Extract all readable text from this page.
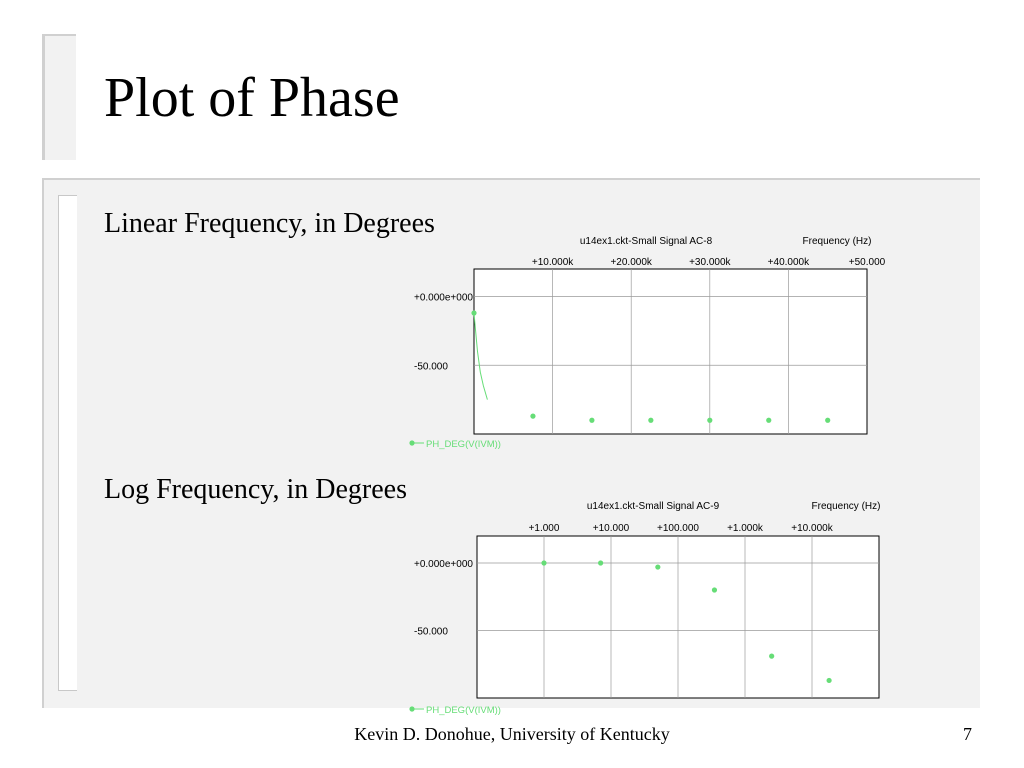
Plot of Phase
Linear Frequency, in Degrees
Log Frequency, in Degrees
u14ex1.ckt-Small Signal AC-8	Frequency (Hz)
+10.000k	+20.000k	+30.000k	+40.000k	+50.000
+0.000e+000
-50.000
PH_DEG(V(IVM))
u14ex1.ckt-Small Signal AC-9	Frequency (Hz)
+1.000	+10.000	+100.000	+1.000k	+10.000k
+0.000e+000
-50.000
PH_DEG(V(IVM))
Kevin D. Donohue, University of Kentucky	7
